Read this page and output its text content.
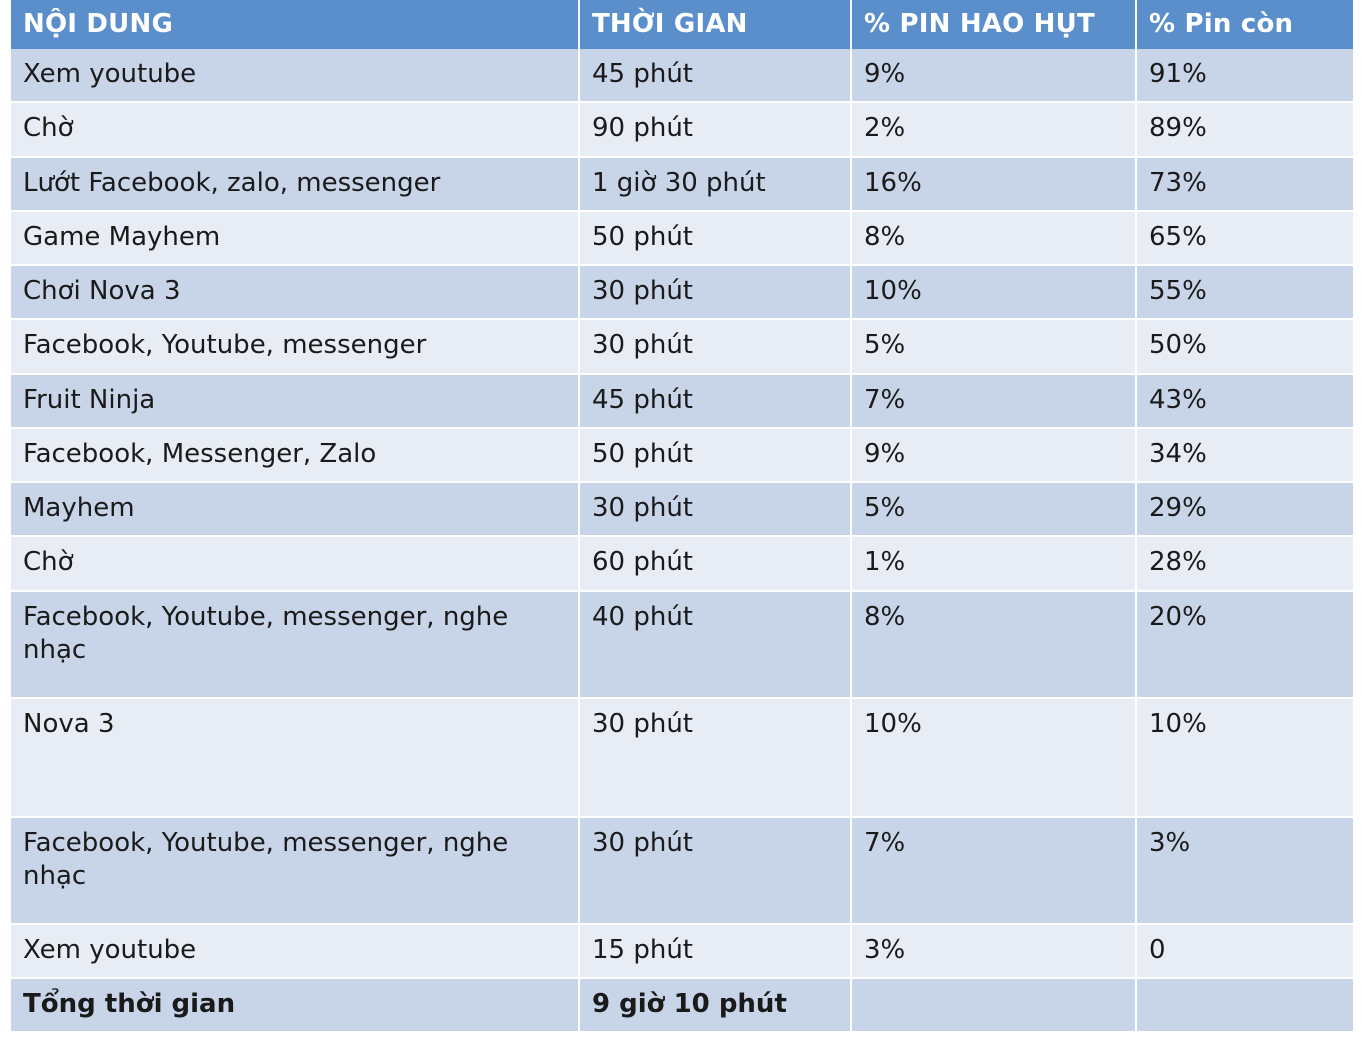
NỘI DUNG	THỜI GIAN	% PIN HAO HỤT	% Pin còn
Xem youtube	45 phút	9%	91%
Chờ	90 phút	2%	89%
Lướt Facebook, zalo, messenger	1 giờ 30 phút	16%	73%
Game Mayhem	50 phút	8%	65%
Chơi Nova 3	30 phút	10%	55%
Facebook, Youtube, messenger	30 phút	5%	50%
Fruit Ninja	45 phút	7%	43%
Facebook, Messenger, Zalo	50 phút	9%	34%
Mayhem	30 phút	5%	29%
Chờ	60 phút	1%	28%
Facebook, Youtube, messenger, nghe nhạc	40 phút	8%	20%
Nova 3	30 phút	10%	10%
Facebook, Youtube, messenger, nghe nhạc	30 phút	7%	3%
Xem youtube	15 phút	3%	0
Tổng thời gian	9 giờ 10 phút		
